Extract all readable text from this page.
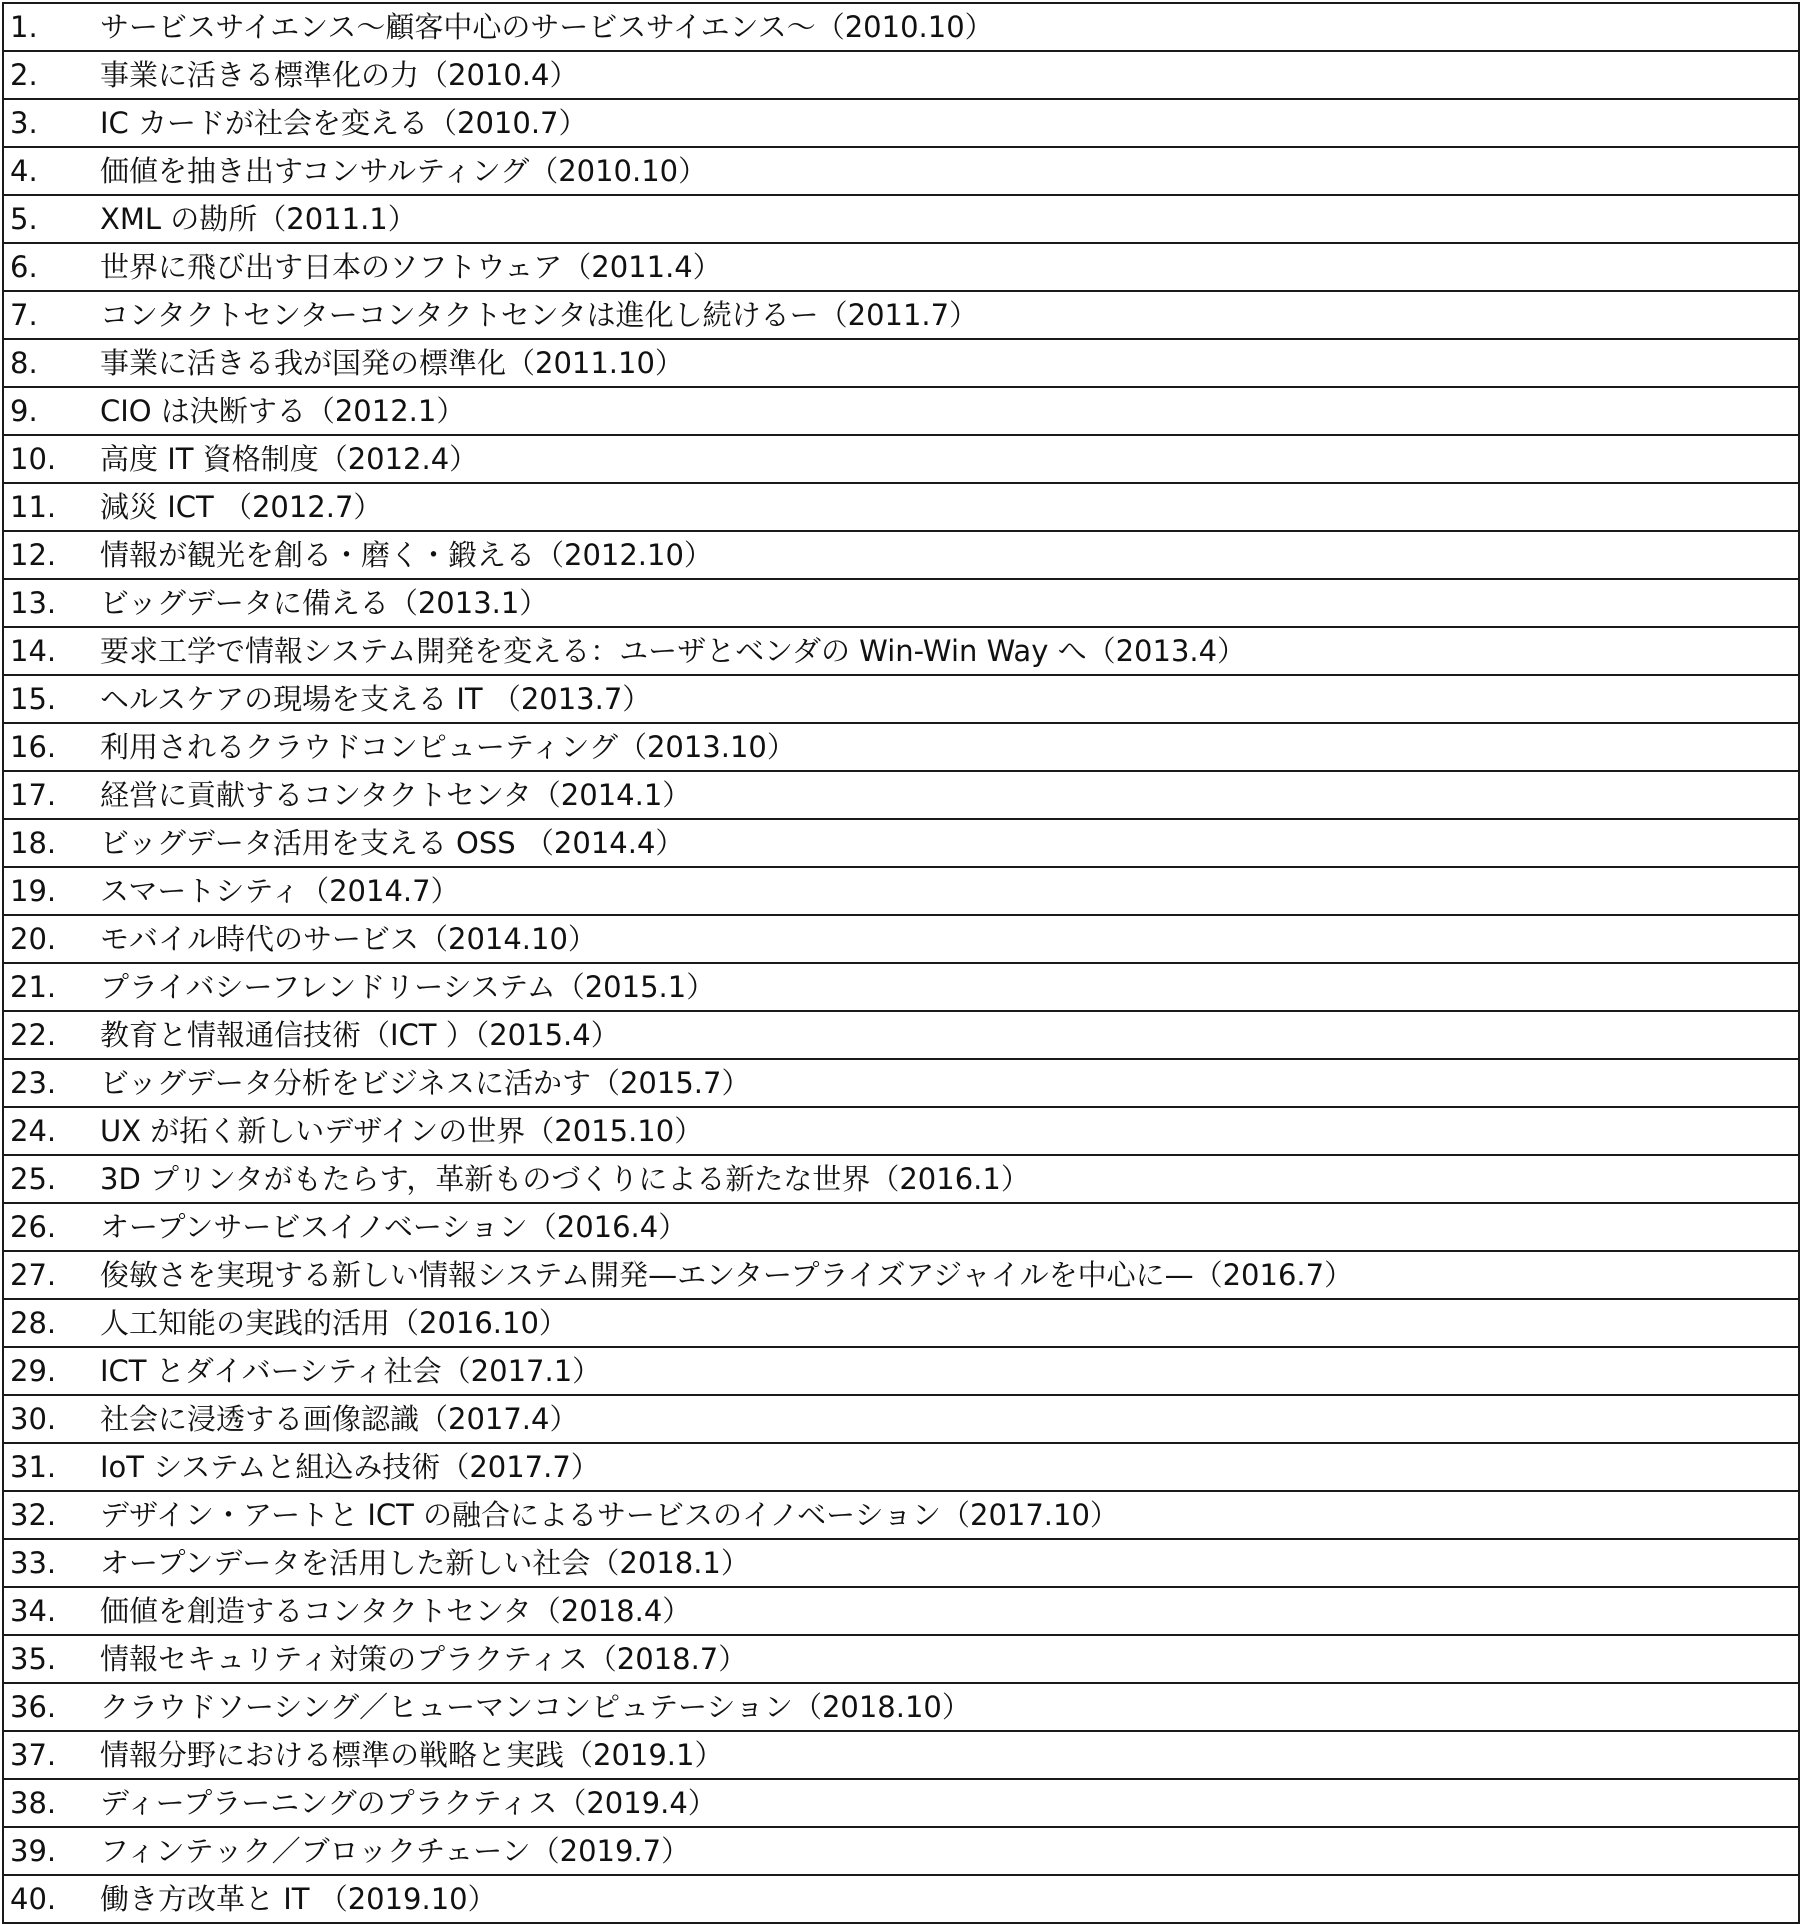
1. サービスサイエンス〜顧客中心のサービスサイエンス〜（2010.10）
2. 事業に活きる標準化の力（2010.4）
3. IC カードが社会を変える（2010.7）
4. 価値を抽き出すコンサルティング（2010.10）
5. XML の勘所（2011.1）
6. 世界に飛び出す日本のソフトウェア（2011.4）
7. コンタクトセンターコンタクトセンタは進化し続けるー（2011.7）
8. 事業に活きる我が国発の標準化（2011.10）
9. CIO は決断する（2012.1）
10. 高度 IT 資格制度（2012.4）
11. 減災 ICT （2012.7）
12. 情報が観光を創る・磨く・鍛える（2012.10）
13. ビッグデータに備える（2013.1）
14. 要求工学で情報システム開発を変える：ユーザとベンダの Win-Win Way へ（2013.4）
15. ヘルスケアの現場を支える IT （2013.7）
16. 利用されるクラウドコンピューティング（2013.10）
17. 経営に貢献するコンタクトセンタ（2014.1）
18. ビッグデータ活用を支える OSS （2014.4）
19. スマートシティ（2014.7）
20. モバイル時代のサービス（2014.10）
21. プライバシーフレンドリーシステム（2015.1）
22. 教育と情報通信技術（ICT ）（2015.4）
23. ビッグデータ分析をビジネスに活かす（2015.7）
24. UX が拓く新しいデザインの世界（2015.10）
25. 3D プリンタがもたらす，革新ものづくりによる新たな世界（2016.1）
26. オープンサービスイノベーション（2016.4）
27. 俊敏さを実現する新しい情報システム開発—エンタープライズアジャイルを中心に—（2016.7）
28. 人工知能の実践的活用（2016.10）
29. ICT とダイバーシティ社会（2017.1）
30. 社会に浸透する画像認識（2017.4）
31. IoT システムと組込み技術（2017.7）
32. デザイン・アートと ICT の融合によるサービスのイノベーション（2017.10）
33. オープンデータを活用した新しい社会（2018.1）
34. 価値を創造するコンタクトセンタ（2018.4）
35. 情報セキュリティ対策のプラクティス（2018.7）
36. クラウドソーシング／ヒューマンコンピュテーション（2018.10）
37. 情報分野における標準の戦略と実践（2019.1）
38. ディープラーニングのプラクティス（2019.4）
39. フィンテック／ブロックチェーン（2019.7）
40. 働き方改革と IT （2019.10）
